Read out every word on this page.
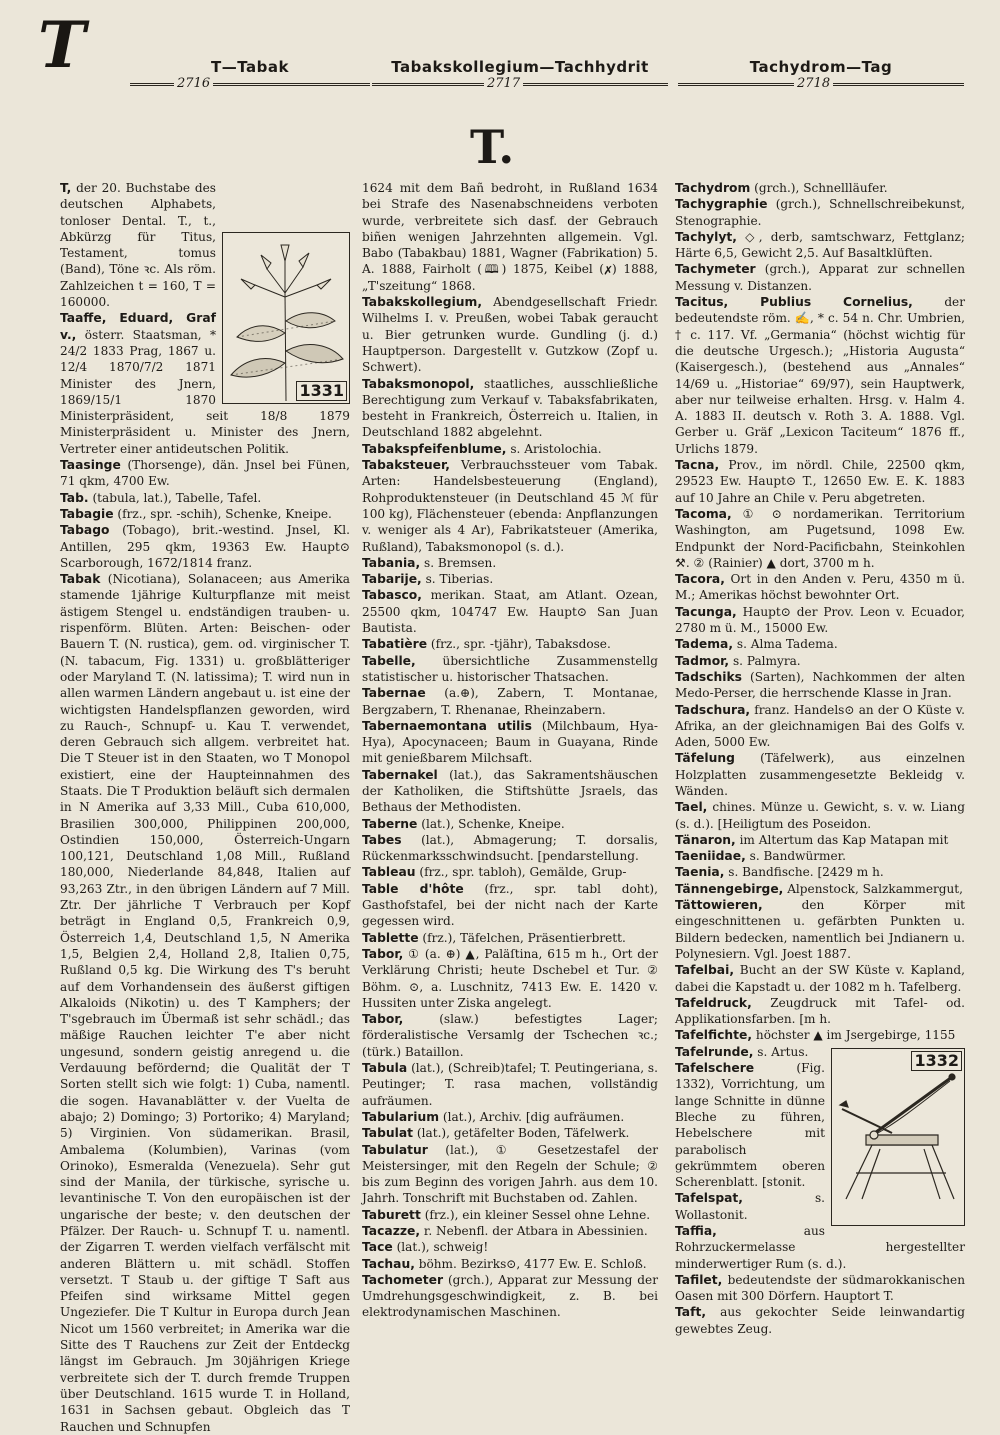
T	T—Tabak
2716
Tabakskollegium—Tachhydrit
2717
Tachydrom—Tag
2718
T.
1331

T, der 20. Buchstabe des deutschen Alphabets, tonloser Dental. T., t., Abkürzg für Titus, Testament, tomus (Band), Töne ꝛc. Als röm. Zahlzeichen t = 160, T = 160000.

Taaffe, Eduard, Graf v., österr. Staatsman, * 24/2 1833 Prag, 1867 u. 12/4 1870/7/2 1871 Minister des Jnern, 1869/15/1 1870 Ministerpräsident, seit 18/8 1879 Ministerpräsident u. Minister des Jnern, Vertreter einer antideutschen Politik.

Taasinge (Thorsenge), dän. Jnsel bei Fünen, 71 qkm, 4700 Ew.

Tab. (tabula, lat.), Tabelle, Tafel.

Tabagie (frz., spr. -schih), Schenke, Kneipe.

Tabago (Tobago), brit.-westind. Jnsel, Kl. Antillen, 295 qkm, 19363 Ew. Haupt⊙ Scarborough, 1672/1814 franz.

Tabak (Nicotiana), Solanaceen; aus Amerika stamende 1jährige Kulturpflanze mit meist ästigem Stengel u. endständigen trauben- u. rispenförm. Blüten. Arten: Beischen- oder Bauern T. (N. rustica), gem. od. virginischer T. (N. tabacum, Fig. 1331) u. großblätteriger oder Maryland T. (N. latissima); T. wird nun in allen warmen Ländern angebaut u. ist eine der wichtigsten Handelspflanzen geworden, wird zu Rauch-, Schnupf- u. Kau T. verwendet, deren Gebrauch sich allgem. verbreitet hat. Die T Steuer ist in den Staaten, wo T Monopol existiert, eine der Haupteinnahmen des Staats. Die T Produktion beläuft sich dermalen in N Amerika auf 3,33 Mill., Cuba 610,000, Brasilien 300,000, Philippinen 200,000, Ostindien 150,000, Österreich-Ungarn 100,121, Deutschland 1,08 Mill., Rußland 180,000, Niederlande 84,848, Italien auf 93,263 Ztr., in den übrigen Ländern auf 7 Mill. Ztr. Der jährliche T Verbrauch per Kopf beträgt in England 0,5, Frankreich 0,9, Österreich 1,4, Deutschland 1,5, N Amerika 1,5, Belgien 2,4, Holland 2,8, Italien 0,75, Rußland 0,5 kg. Die Wirkung des T's beruht auf dem Vorhandensein des äußerst giftigen Alkaloids (Nikotin) u. des T Kamphers; der T'sgebrauch im Übermaß ist sehr schädl.; das mäßige Rauchen leichter T'e aber nicht ungesund, sondern geistig anregend u. die Verdauung befördernd; die Qualität der T Sorten stellt sich wie folgt: 1) Cuba, namentl. die sogen. Havanablätter v. der Vuelta de abajo; 2) Domingo; 3) Portoriko; 4) Maryland; 5) Virginien. Von südamerikan. Brasil, Ambalema (Kolumbien), Varinas (vom Orinoko), Esmeralda (Venezuela). Sehr gut sind der Manila, der türkische, syrische u. levantinische T. Von den europäischen ist der ungarische der beste; v. den deutschen der Pfälzer. Der Rauch- u. Schnupf T. u. namentl. der Zigarren T. werden vielfach verfälscht mit anderen Blättern u. mit schädl. Stoffen versetzt. T Staub u. der giftige T Saft aus Pfeifen sind wirksame Mittel gegen Ungeziefer. Die T Kultur in Europa durch Jean Nicot um 1560 verbreitet; in Amerika war die Sitte des T Rauchens zur Zeit der Entdeckg längst im Gebrauch. Jm 30jährigen Kriege verbreitete sich der T. durch fremde Truppen über Deutschland. 1615 wurde T. in Holland, 1631 in Sachsen gebaut. Obgleich das T Rauchen und Schnupfen

1624 mit dem Bañ bedroht, in Rußland 1634 bei Strafe des Nasenabschneidens verboten wurde, verbreitete sich dasf. der Gebrauch biñen wenigen Jahrzehnten allgemein. Vgl. Babo (Tabakbau) 1881, Wagner (Fabrikation) 5. A. 1888, Fairholt (🕮) 1875, Keibel (✗) 1888, „T'szeitung“ 1868.

Tabakskollegium, Abendgesellschaft Friedr. Wilhelms I. v. Preußen, wobei Tabak geraucht u. Bier getrunken wurde. Gundling (j. d.) Hauptperson. Dargestellt v. Gutzkow (Zopf u. Schwert).

Tabaksmonopol, staatliches, ausschließliche Berechtigung zum Verkauf v. Tabaksfabrikaten, besteht in Frankreich, Österreich u. Italien, in Deutschland 1882 abgelehnt.

Tabakspfeifenblume, s. Aristolochia.

Tabaksteuer, Verbrauchssteuer vom Tabak. Arten: Handelsbesteuerung (England), Rohproduktensteuer (in Deutschland 45 ℳ für 100 kg), Flächensteuer (ebenda: Anpflanzungen v. weniger als 4 Ar), Fabrikatsteuer (Amerika, Rußland), Tabaksmonopol (s. d.).

Tabania, s. Bremsen.

Tabarije, s. Tiberias.

Tabasco, merikan. Staat, am Atlant. Ozean, 25500 qkm, 104747 Ew. Haupt⊙ San Juan Bautista.

Tabatière (frz., spr. -tjähr), Tabaksdose.

Tabelle, übersichtliche Zusammenstellg statistischer u. historischer Thatsachen.

Tabernae (a.⊕), Zabern, T. Montanae, Bergzabern, T. Rhenanae, Rheinzabern.

Tabernaemontana utilis (Milchbaum, Hya-Hya), Apocynaceen; Baum in Guayana, Rinde mit genießbarem Milchsaft.

Tabernakel (lat.), das Sakramentshäuschen der Katholiken, die Stiftshütte Jsraels, das Bethaus der Methodisten.

Taberne (lat.), Schenke, Kneipe.

Tabes (lat.), Abmagerung; T. dorsalis, Rückenmarksschwindsucht. [pendarstellung.

Tableau (frz., spr. tabloh), Gemälde, Grup-

Table d'hôte (frz., spr. tabl doht), Gasthofstafel, bei der nicht nach der Karte gegessen wird.

Tablette (frz.), Täfelchen, Präsentierbrett.

Tabor, ① (a. ⊕) ▲, Paläſtina, 615 m h., Ort der Verklärung Christi; heute Dschebel et Tur. ② Böhm. ⊙, a. Luschnitz, 7413 Ew. E. 1420 v. Hussiten unter Ziska angelegt.

Tabor,	(slaw.) befestigtes Lager; förderalistische Versamlg der Tschechen ꝛc.; (türk.) Bataillon.

Tabula (lat.), (Schreib)tafel; T. Peutingeriana, s. Peutinger; T. rasa machen, vollständig aufräumen.

Tabularium (lat.), Archiv. [dig aufräumen.

Tabulat (lat.), getäfelter Boden, Täfelwerk.

Tabulatur (lat.), ① Gesetzestafel der Meistersinger, mit den Regeln der Schule; ② bis zum Beginn des vorigen Jahrh. aus dem 10. Jahrh. Tonschrift mit Buchstaben od. Zahlen.

Taburett (frz.), ein kleiner Sessel ohne Lehne.

Tacazze, r. Nebenfl. der Atbara in Abessinien.

Tace (lat.), schweig!

Tachau, böhm. Bezirks⊙, 4177 Ew. E. Schloß.

Tachometer (grch.), Apparat zur Messung der Umdrehungsgeschwindigkeit, z. B. bei elektrodynamischen Maschinen.

Tachydrom (grch.), Schnellläufer.

Tachygraphie (grch.), Schnellschreibekunst, Stenographie.

Tachylyt, ◇, derb, samtschwarz, Fettglanz; Härte 6,5, Gewicht 2,5. Auf Basaltklüften.

Tachymeter (grch.), Apparat zur schnellen Messung v. Distanzen.

Tacitus, Publius Cornelius,	der bedeutendste röm. ✍, * c. 54 n. Chr. Umbrien, † c. 117. Vf. „Germania“ (höchst wichtig für die deutsche Urgesch.); „Historia Augusta“ (Kaisergesch.), (bestehend aus „Annales“ 14/69 u. „Historiae“ 69/97), sein Hauptwerk, aber nur teilweise erhalten. Hrsg. v. Halm 4. A. 1883 II. deutsch v. Roth 3. A. 1888. Vgl. Gerber u. Gräf „Lexicon Taciteum“ 1876 ff., Urlichs 1879.

Tacna, Prov., im nördl. Chile, 22500 qkm, 29523 Ew. Haupt⊙ T., 12650 Ew. E. K. 1883 auf 10 Jahre an Chile v. Peru abgetreten.

Tacoma, ① ⊙ nordamerikan. Territorium Washington, am Pugetsund, 1098 Ew. Endpunkt der Nord-Pacificbahn, Steinkohlen ⚒. ② (Rainier) ▲ dort, 3700 m h.

Tacora, Ort in den Anden v. Peru, 4350 m ü. M.; Amerikas höchst bewohnter Ort.

Tacunga, Haupt⊙ der Prov. Leon v. Ecuador, 2780 m ü. M., 15000 Ew.

Tadema, s. Alma Tadema.

Tadmor, s. Palmyra.

Tadschiks (Sarten), Nachkommen der alten Medo-Perser, die herrschende Klasse in Jran.

Tadschura, franz. Handels⊙ an der O Küste v. Afrika, an der gleichnamigen Bai des Golfs v. Aden, 5000 Ew.

Täfelung (Täfelwerk), aus einzelnen Holzplatten zusammengesetzte Bekleidg v. Wänden.

Tael, chines. Münze u. Gewicht, s. v. w. Liang (s. d.). [Heiligtum des Poseidon.

Tänaron, im Altertum das Kap Matapan mit

Taeniidae, s. Bandwürmer.

Taenia, s. Bandfische. [2429 m h.

Tännengebirge, Alpenstock, Salzkammergut,

Tättowieren,	den Körper mit eingeschnittenen u. gefärbten Punkten u. Bildern bedecken, namentlich bei Jndianern u. Polynesiern. Vgl. Joest 1887.

Tafelbai, Bucht an der SW Küste v. Kapland, dabei die Kapstadt u. der 1082 m h. Tafelberg.

Tafeldruck, Zeugdruck mit Tafel- od. Applikationsfarben. [m h.

Tafelfichte, höchster ▲ im Jsergebirge, 1155

1332

Tafelrunde, s. Artus.

Tafelschere	(Fig. 1332), Vorrichtung, um lange Schnitte in dünne Bleche zu führen, Hebelschere mit parabolisch gekrümmtem oberen Scherenblatt. [stonit.

Tafelspat,	s. Wollastonit.

Taffia,	aus Rohrzuckermelasse hergestellter minderwertiger Rum (s. d.).

Tafilet, bedeutendste der südmarokkanischen Oasen mit 300 Dörfern. Hauptort T.

Taft, aus gekochter Seide leinwandartig gewebtes Zeug.
